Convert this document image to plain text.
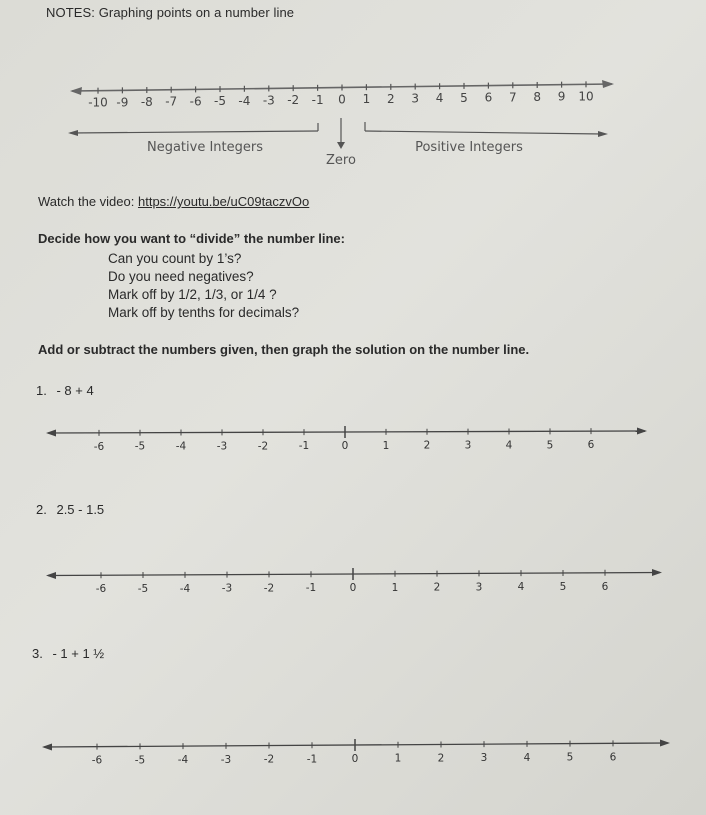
NOTES: Graphing points on a number line
-10 -9 -8 -7 -6 -5 -4 -3 -2 -1 0 1 2 3 4 5 6 7 8 9 10
Negative Integers	Positive Integers
Zero
Watch the video: https://youtu.be/uC09taczvOo
Decide how you want to “divide” the number line:
Can you count by 1’s?
Do you need negatives?
Mark off by 1/2, 1/3, or 1/4 ?
Mark off by tenths for decimals?
Add or subtract the numbers given, then graph the solution on the number line.
1. - 8 + 4
-6	-5	-4	-3	-2	-1	0	1	2	3	4	5	6
2. 2.5 - 1.5
-6	-5	-4	-3	-2	-1	0	1	2	3	4	5	6
3. - 1 + 1 ½
-6	-5	-4	-3	-2	-1	0	1	2	3	4	5	6
